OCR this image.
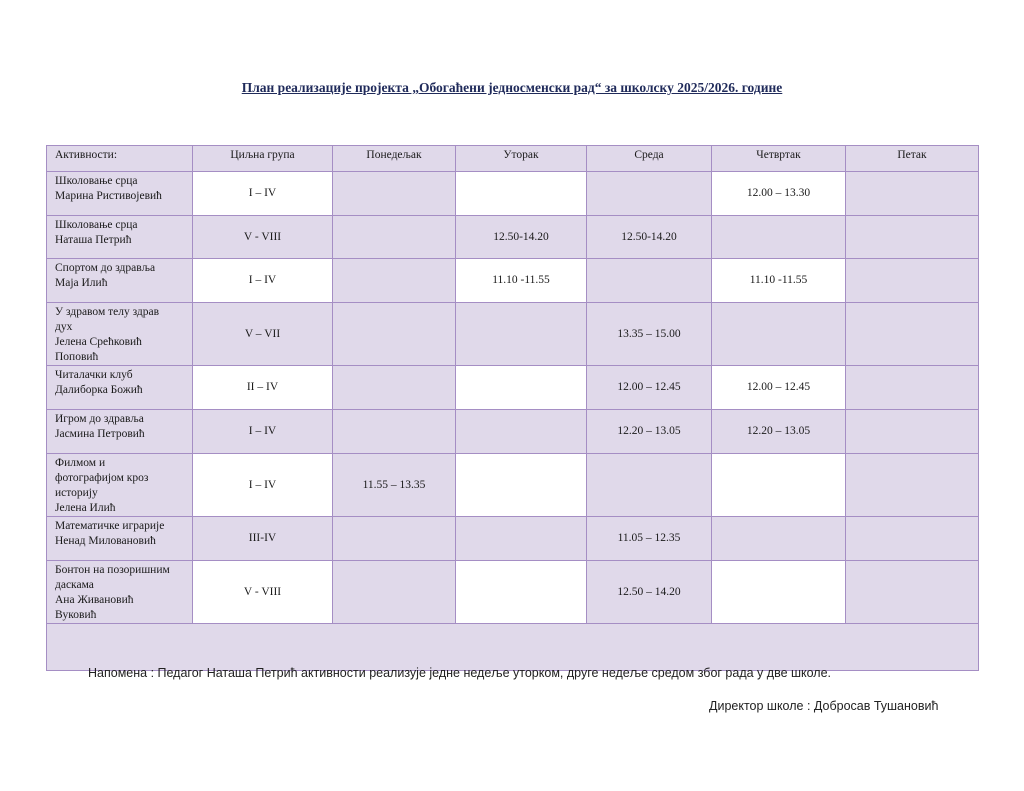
План реализације пројекта „Обогаћени једносменски рад“ за школску 2025/2026. године
Активности:	Циљна група	Понедељак	Уторак	Среда	Четвртак	Петак

Школовање срца
Марина Ристивојевић	I – IV				12.00 – 13.30	

Школовање срца
Наташа Петрић	V - VIII		12.50-14.20	12.50-14.20		

Спортом до здравља
Маја Илић	I – IV		11.10 -11.55		11.10 -11.55	

У здравом телу здрав
дух
Јелена Срећковић
Поповић	V – VII			13.35 – 15.00		

Читалачки клуб
Далиборка Божић	II – IV			12.00 – 12.45	12.00 – 12.45	

Игром до здравља
Јасмина Петровић	I – IV			12.20 – 13.05	12.20 – 13.05	

Филмом и
фотографијом кроз
историју
Јелена Илић	I – IV	11.55 – 13.35				

Математичке играрије
Ненад Миловановић	III-IV			11.05 – 12.35		

Бонтон на позоришним
даскама
Ана Живановић
Вуковић	V - VIII			12.50 – 14.20		

Напомена : Педагог Наташа Петрић активности реализује једне недеље уторком, друге недеље средом због рада у две школе.
Директор школе : Добросав Тушановић
